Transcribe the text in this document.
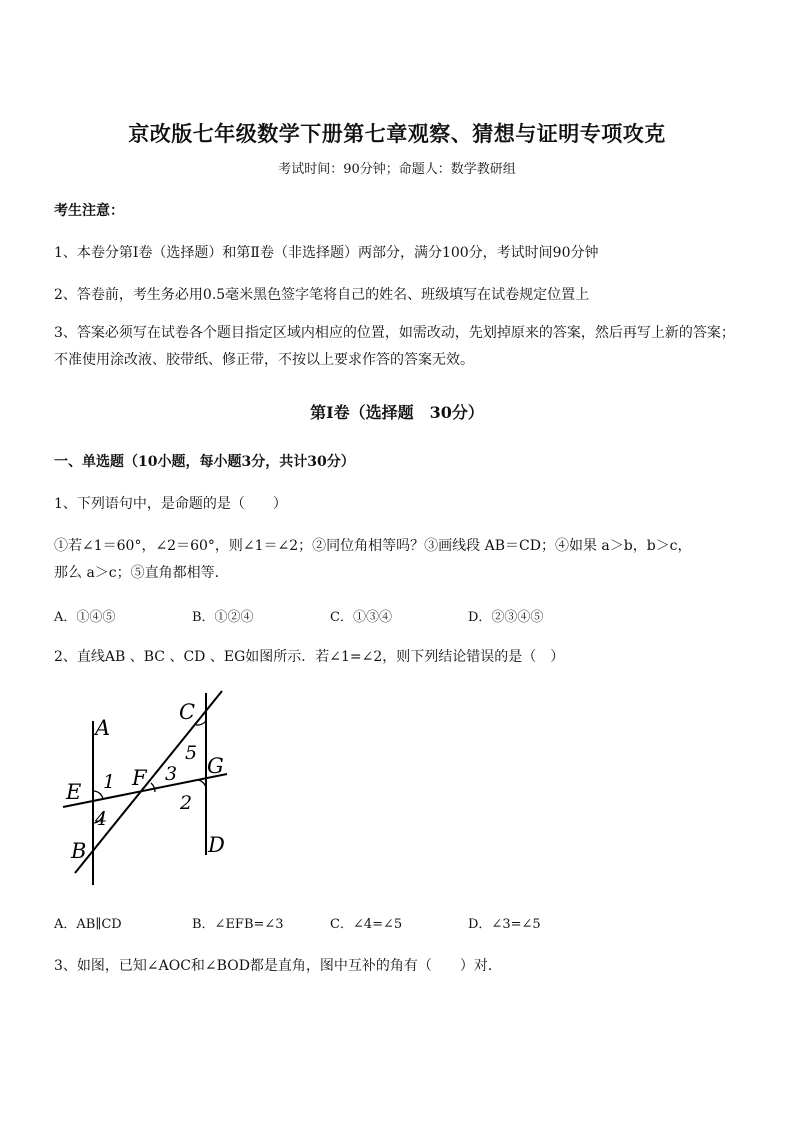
京改版七年级数学下册第七章观察、猜想与证明专项攻克
考试时间：90分钟；命题人：数学教研组
考生注意：
1、本卷分第Ⅰ卷（选择题）和第Ⅱ卷（非选择题）两部分，满分100分，考试时间90分钟
2、答卷前，考生务必用0.5毫米黑色签字笔将自己的姓名、班级填写在试卷规定位置上
3、答案必须写在试卷各个题目指定区域内相应的位置，如需改动，先划掉原来的答案，然后再写上新的答案；不准使用涂改液、胶带纸、修正带，不按以上要求作答的答案无效。
第Ⅰ卷（选择题　30分）
一、单选题（10小题，每小题3分，共计30分）
1、下列语句中，是命题的是（　　）
①若∠1＝60°，∠2＝60°，则∠1＝∠2；②同位角相等吗？③画线段 AB＝CD；④如果 a＞b，b＞c，
那么 a＞c；⑤直角都相等．
A．①④⑤	B．①②④	C．①③④	D．②③④⑤
2、直线AB 、BC 、CD 、EG如图所示．若∠1=∠2，则下列结论错误的是（　）
A
B
C
D
E
F	G
1
2
3
4
5
A．AB∥CD	B．∠EFB=∠3	C．∠4=∠5	D．∠3=∠5
3、如图，已知∠AOC和∠BOD都是直角，图中互补的角有（　　）对．
